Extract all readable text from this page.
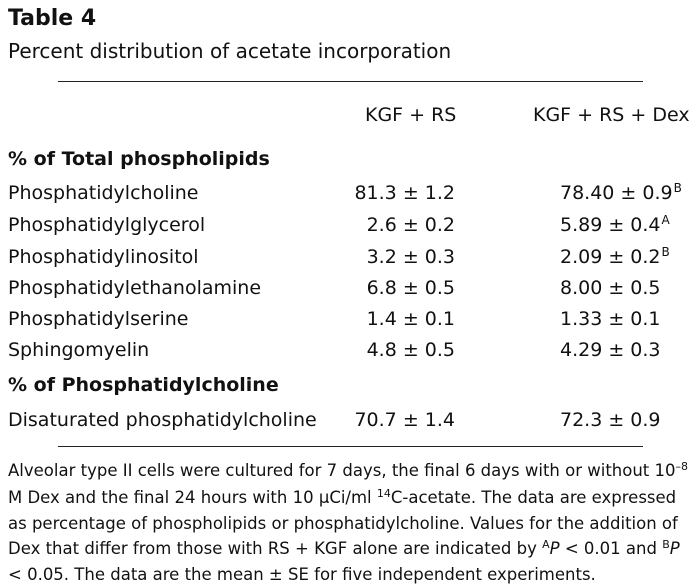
Table 4
Percent distribution of acetate incorporation
KGF + RS	KGF + RS + Dex
% of Total phospholipids
Phosphatidylcholine	81.3 ± 1.2	$78.40 \pm 0.9^B$
Phosphatidylglycerol	2.6 ± 0.2	$5.89 \pm 0.4^A$
Phosphatidylinositol	3.2 ± 0.3	$2.09 \pm 0.2^B$
Phosphatidylethanolamine	6.8 ± 0.5	8.00 ± 0.5
Phosphatidylserine	1.4 ± 0.1	1.33 ± 0.1
Sphingomyelin	4.8 ± 0.5	4.29 ± 0.3
% of Phosphatidylcholine
Disaturated phosphatidylcholine 70.7 ± 1.4	72.3 ± 0.9
Alveolar type II cells were cultured for 7 days, the final 6 days with or without 10$^{-8}$ M Dex and the final 24 hours with 10 µCi/ml $^{14}$C-acetate. The data are expressed as percentage of phospholipids or phosphatidylcholine. Values for the addition of Dex that differ from those with RS + KGF alone are indicated by $^A$P < 0.01 and $^B$P < 0.05. The data are the mean ± SE for five independent experiments.
